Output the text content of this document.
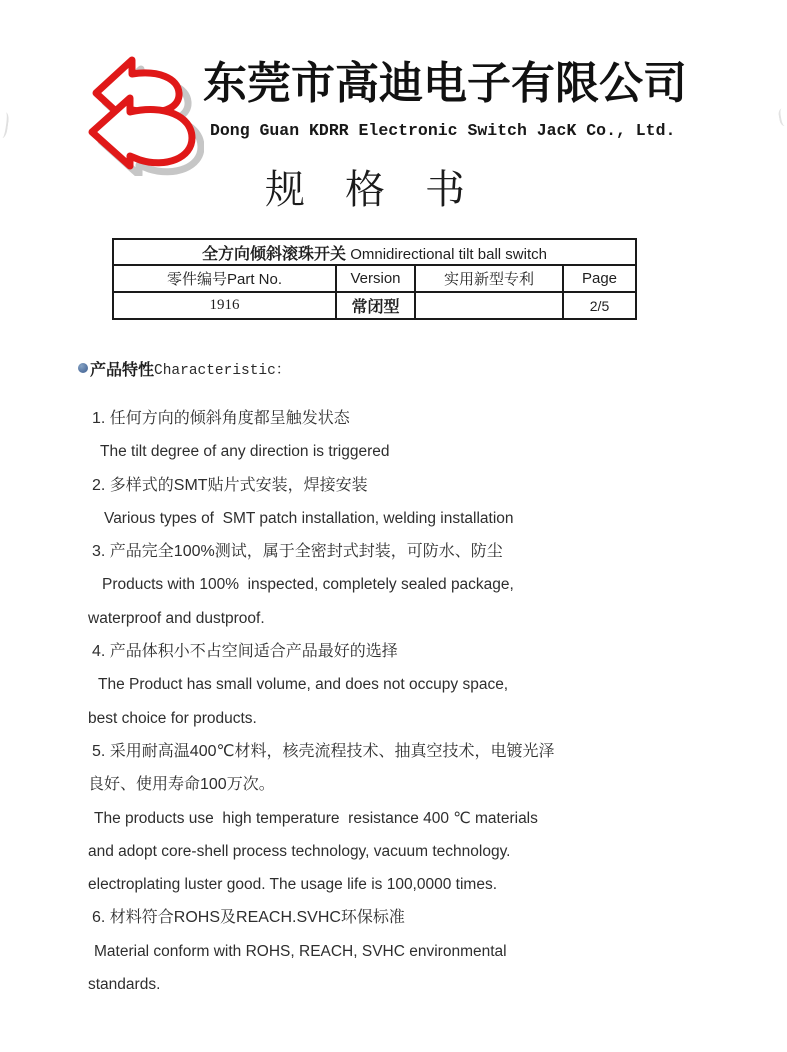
东莞市高迪电子有限公司
Dong Guan KDRR Electronic Switch JacK Co., Ltd.
规　格　书
全方向倾斜滚珠开关 Omnidirectional tilt ball switch			
零件编号Part No.	Version	实用新型专利	Page
1916	常闭型		2/5
产品特性 Characteristic：
1. 任何方向的倾斜角度都呈触发状态
The tilt degree of any direction is triggered
2. 多样式的SMT贴片式安装，焊接安装
Various types of  SMT patch installation, welding installation
3. 产品完全100%测试，属于全密封式封装，可防水、防尘
Products with 100%  inspected, completely sealed package,
waterproof and dustproof.
4. 产品体积小不占空间适合产品最好的选择
The Product has small volume, and does not occupy space,
best choice for products.
5. 采用耐高温400℃材料，核壳流程技术、抽真空技术，电镀光泽
良好、使用寿命100万次。
The products use  high temperature  resistance 400 ℃ materials
and adopt core-shell process technology, vacuum technology.
electroplating luster good. The usage life is 100,0000 times.
6. 材料符合ROHS及REACH.SVHC环保标准
Material conform with ROHS, REACH, SVHC environmental
standards.
